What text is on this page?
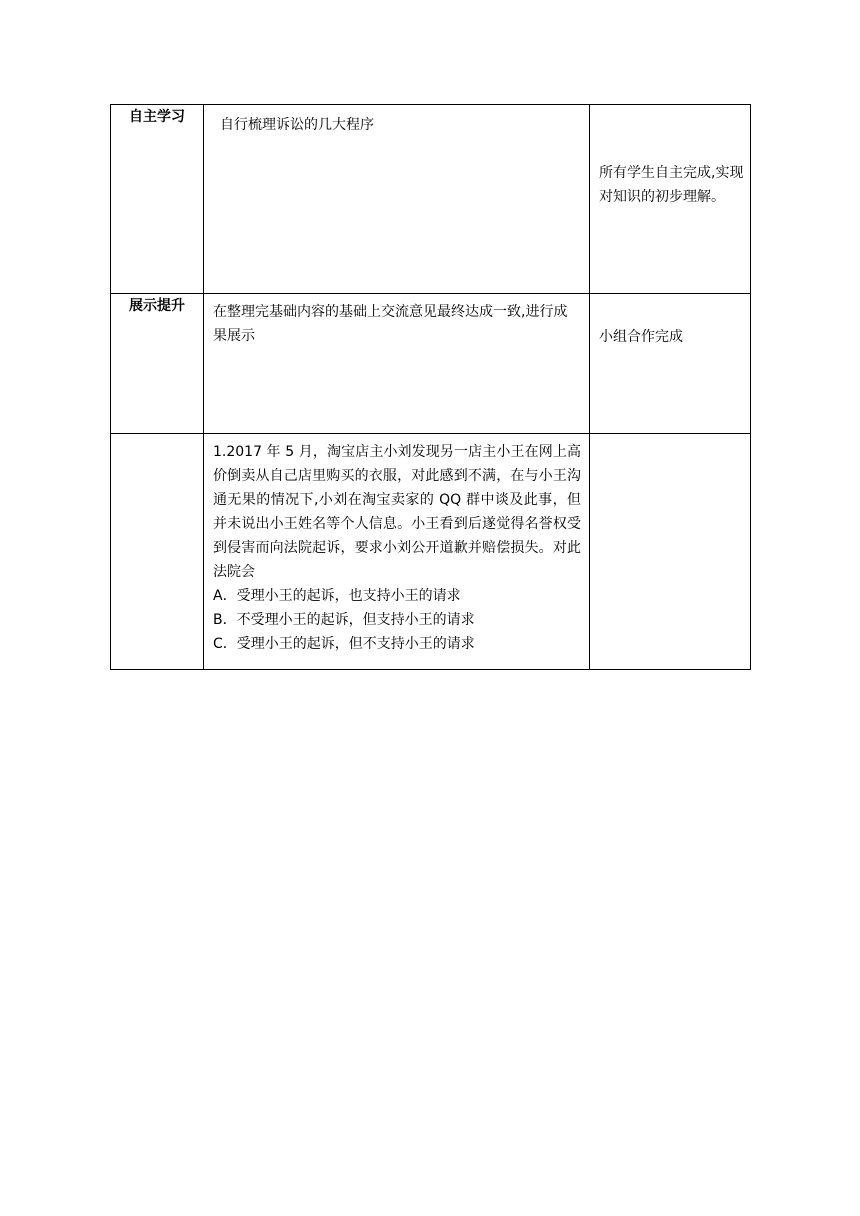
自主学习	自行梳理诉讼的几大程序	所有学生自主完成,实现对知识的初步理解。

展示提升	在整理完基础内容的基础上交流意见最终达成一致,进行成果展示	小组合作完成

	1.2017 年 5 月，淘宝店主小刘发现另一店主小王在网上高价倒卖从自己店里购买的衣服，对此感到不满，在与小王沟通无果的情况下,小刘在淘宝卖家的 QQ 群中谈及此事，但并未说出小王姓名等个人信息。小王看到后遂觉得名誉权受到侵害而向法院起诉，要求小刘公开道歉并赔偿损失。对此法院会
A．受理小王的起诉，也支持小王的请求
B．不受理小王的起诉，但支持小王的请求
C．受理小王的起诉，但不支持小王的请求	
